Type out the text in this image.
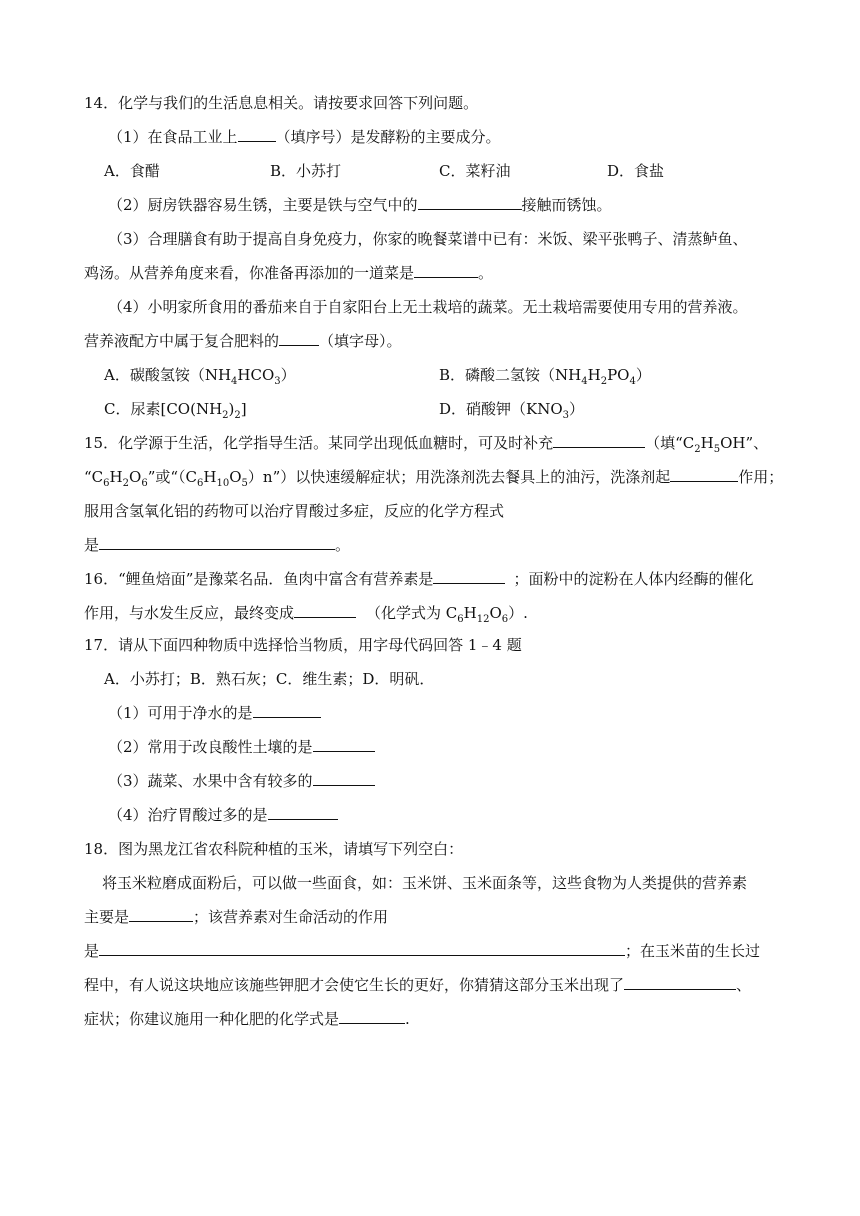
14．化学与我们的生活息息相关。请按要求回答下列问题。
（1）在食品工业上	（填序号）是发酵粉的主要成分。
A．食醋	B．小苏打	C．菜籽油	D．食盐
（2）厨房铁器容易生锈，主要是铁与空气中的	接触而锈蚀。
（3）合理膳食有助于提高自身免疫力，你家的晚餐菜谱中已有：米饭、梁平张鸭子、清蒸鲈鱼、
鸡汤。从营养角度来看，你准备再添加的一道菜是	。
（4）小明家所食用的番茄来自于自家阳台上无土栽培的蔬菜。无土栽培需要使用专用的营养液。
营养液配方中属于复合肥料的	（填字母）。
A．碳酸氢铵$(NH_4HCO_3)$	B．磷酸二氢铵$(NH_4H_2PO_4)$
C．尿素$[CO(NH_2)_2]$	D．硝酸钾$(KNO_3)$
15．化学源于生活，化学指导生活。某同学出现低血糖时，可及时补充	（填“$C_2H_5OH$”、
“$C_6H_2O_6$”或“$(C_6H_{10}O_5)n$”）以快速缓解症状；用洗涤剂洗去餐具上的油污，洗涤剂起	作用；
服用含氢氧化铝的药物可以治疗胃酸过多症，反应的化学方程式
是	。
16．“鲤鱼焙面”是豫菜名品．鱼肉中富含有营养素是	；面粉中的淀粉在人体内经酶的催化
作用，与水发生反应，最终变成	（化学式为 $C_6H_{12}O_6$）.
17．请从下面四种物质中选择恰当物质，用字母代码回答 1﹣4 题
A．小苏打；B．熟石灰；C．维生素；D．明矾．
（1）可用于净水的是
（2）常用于改良酸性土壤的是
（3）蔬菜、水果中含有较多的
（4）治疗胃酸过多的是
18．图为黑龙江省农科院种植的玉米，请填写下列空白：
将玉米粒磨成面粉后，可以做一些面食，如：玉米饼、玉米面条等，这些食物为人类提供的营养素
主要是	；该营养素对生命活动的作用
是	；在玉米苗的生长过
程中，有人说这块地应该施些钾肥才会使它生长的更好，你猜猜这部分玉米出现了	、
症状；你建议施用一种化肥的化学式是	.
